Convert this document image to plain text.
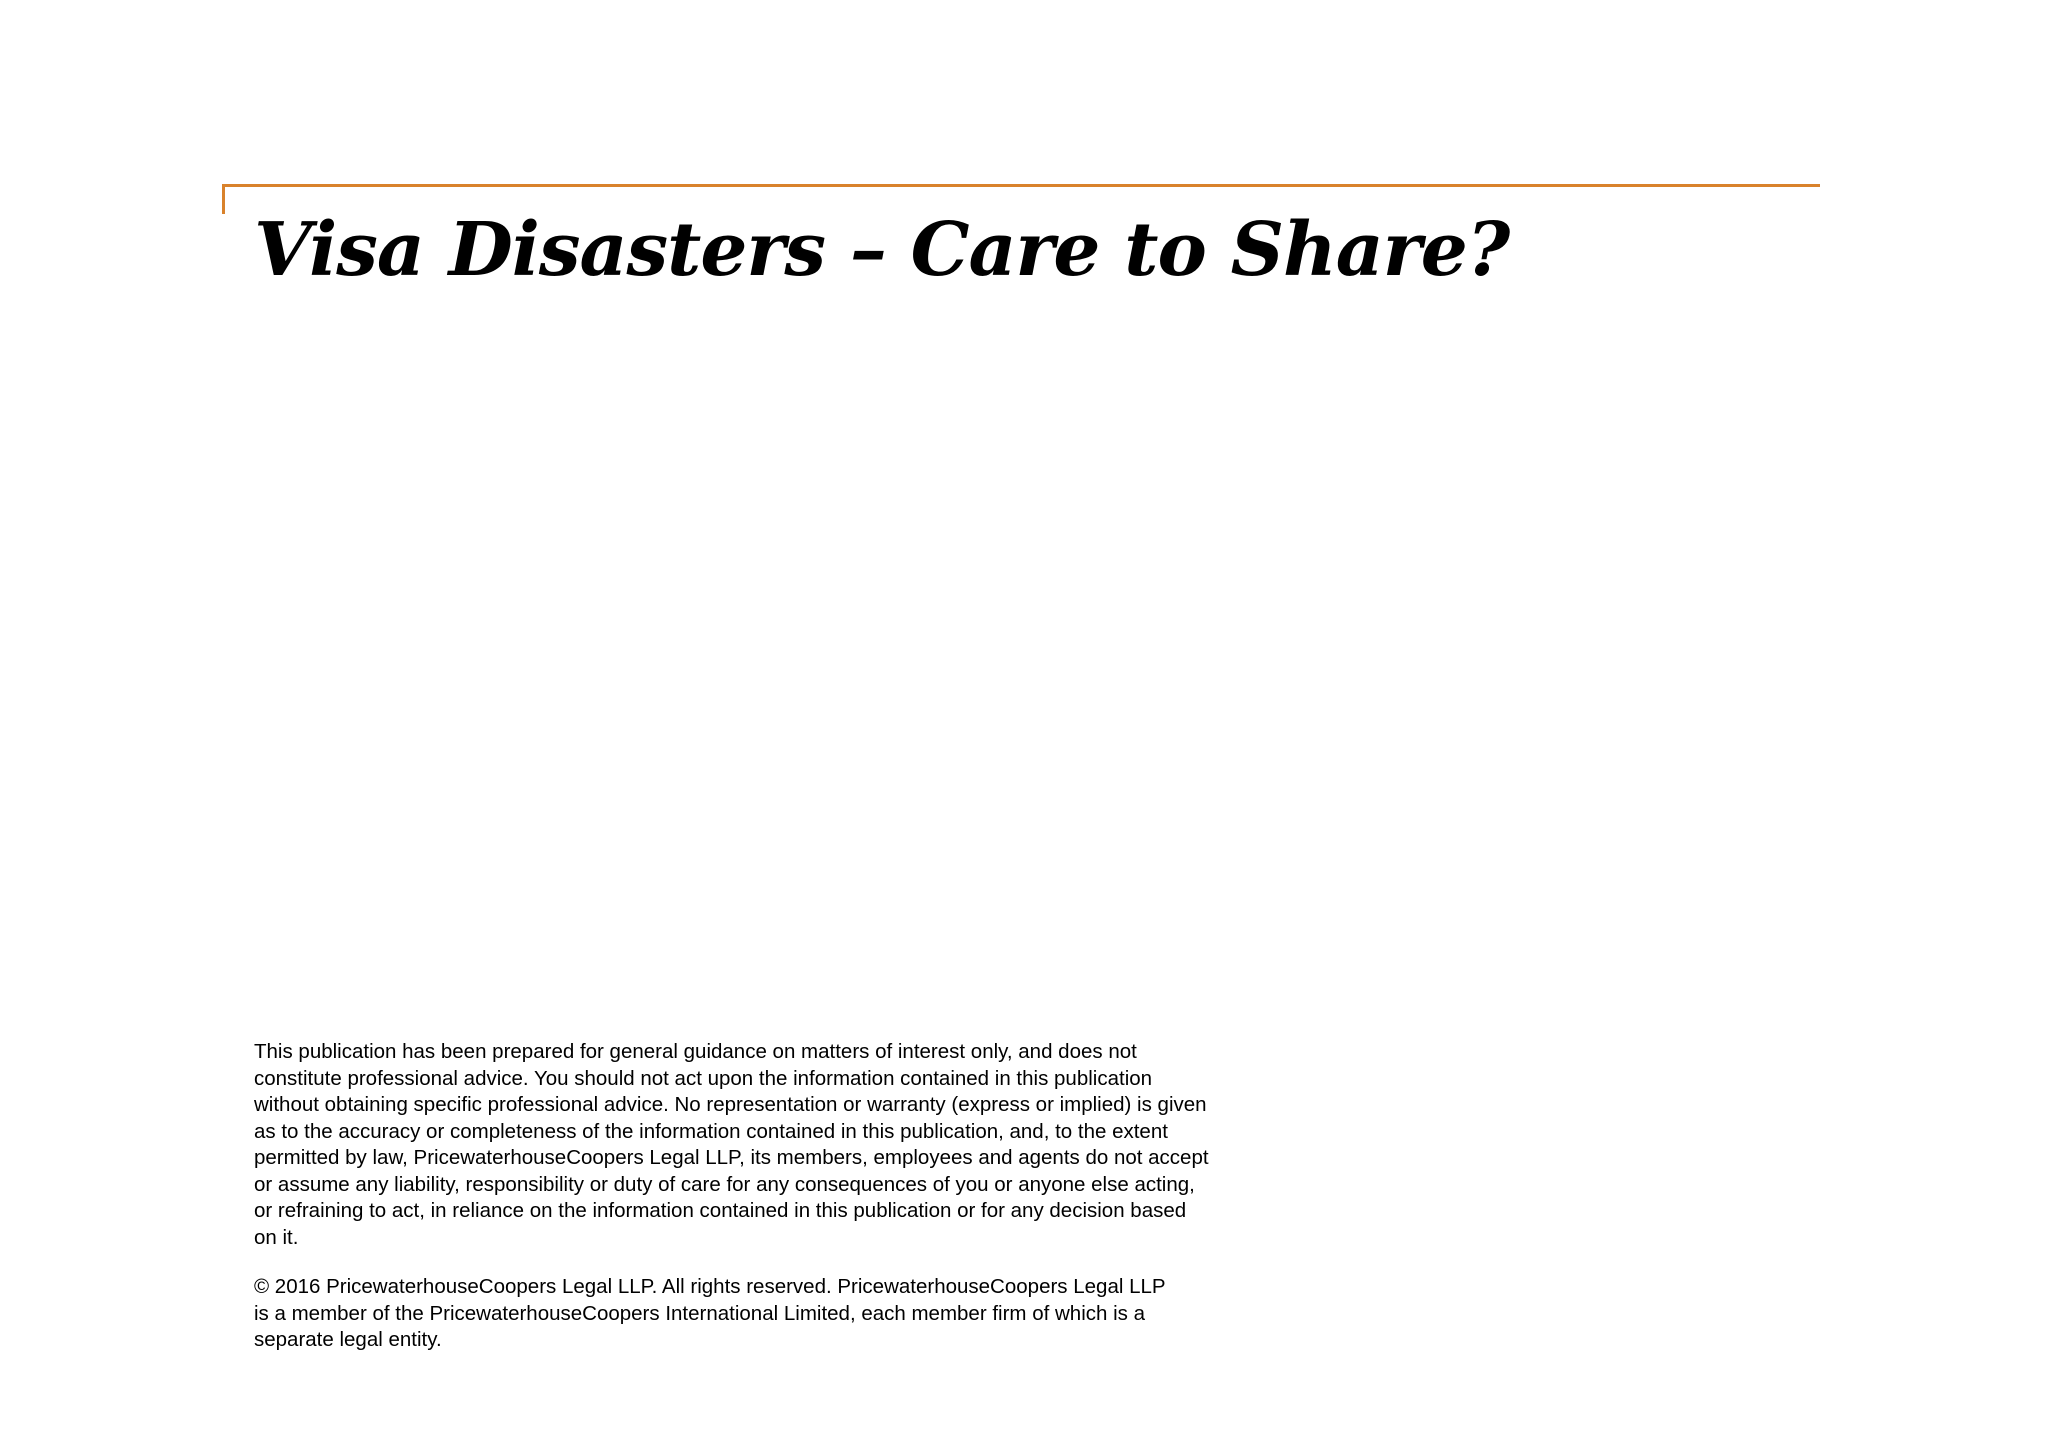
Visa Disasters – Care to Share?

This publication has been prepared for general guidance on matters of interest only, and does not constitute professional advice. You should not act upon the information contained in this publication without obtaining specific professional advice. No representation or warranty (express or implied) is given as to the accuracy or completeness of the information contained in this publication, and, to the extent permitted by law, PricewaterhouseCoopers Legal LLP, its members, employees and agents do not accept or assume any liability, responsibility or duty of care for any consequences of you or anyone else acting, or refraining to act, in reliance on the information contained in this publication or for any decision based on it.

© 2016 PricewaterhouseCoopers Legal LLP. All rights reserved. PricewaterhouseCoopers Legal LLP is a member of the PricewaterhouseCoopers International Limited, each member firm of which is a separate legal entity.
